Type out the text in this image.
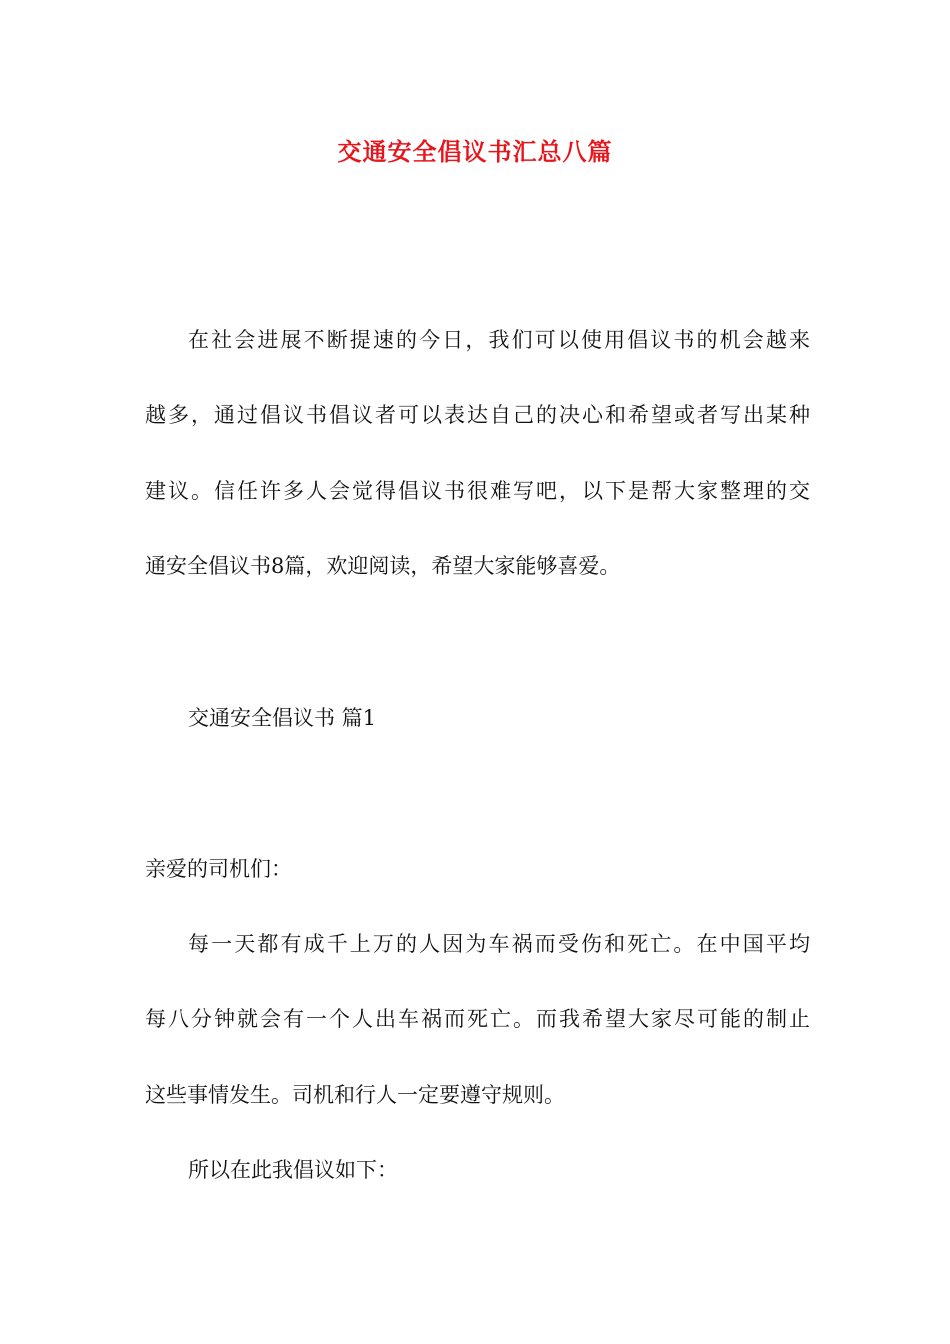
交通安全倡议书汇总八篇
在社会进展不断提速的今日，我们可以使用倡议书的机会越来
越多，通过倡议书倡议者可以表达自己的决心和希望或者写出某种
建议。信任许多人会觉得倡议书很难写吧，以下是帮大家整理的交
通安全倡议书8篇，欢迎阅读，希望大家能够喜爱。
交通安全倡议书 篇1
亲爱的司机们：
每一天都有成千上万的人因为车祸而受伤和死亡。在中国平均
每八分钟就会有一个人出车祸而死亡。而我希望大家尽可能的制止
这些事情发生。司机和行人一定要遵守规则。
所以在此我倡议如下：
